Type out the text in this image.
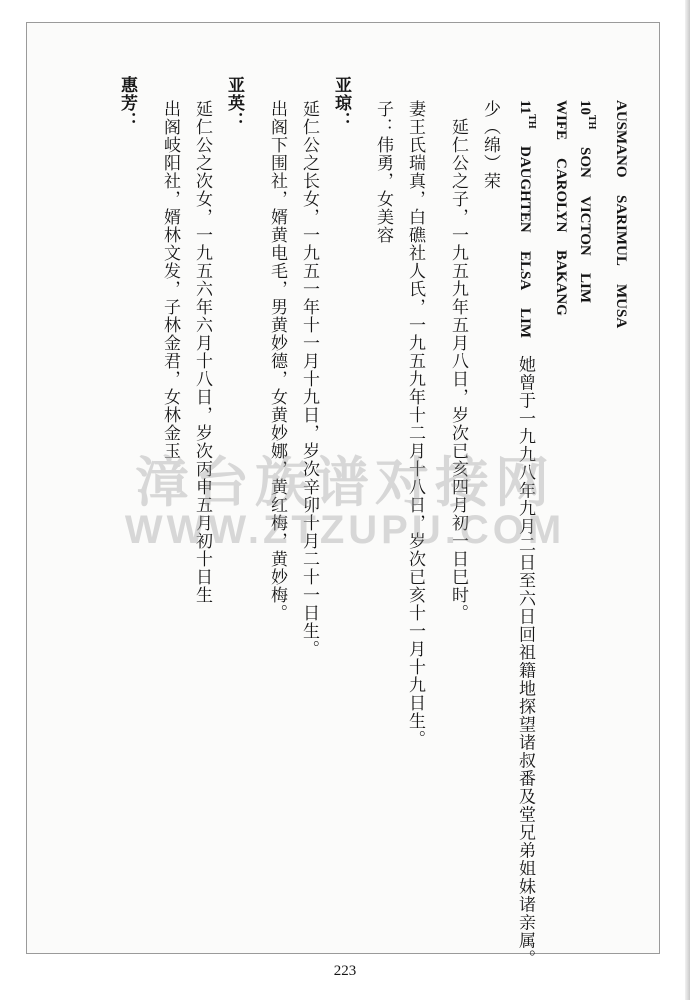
AUSMANO SARIMUL MUSA
10TH SON VICTON LIM
WIFE CAROLYN BAKANG
11TH DAUGHTEN ELSA LIM 她曾于一九九八年九月二日至六日回祖籍地探望诸叔番及堂兄弟姐妹诸亲属。
少（绵）荣
延仁公之子，一九五九年五月八日，岁次已亥四月初一日巳时。
妻王氏瑞真，白礁社人氏，一九五九年十二月十八日，岁次已亥十一月十九日生。
子：伟勇，女美容
亚琼：
延仁公之长女，一九五一年十一月十九日，岁次辛卯十月二十一日生。
出阁下围社，婿黄电毛，男黄妙德，女黄妙娜，黄红梅，黄妙梅。
亚英：
延仁公之次女，一九五六年六月十八日，岁次丙申五月初十日生
出阁岐阳社，婿林文发，子林金君，女林金玉
惠芳：
漳台族谱对接网
WWW.ZTZUPU.COM
223
